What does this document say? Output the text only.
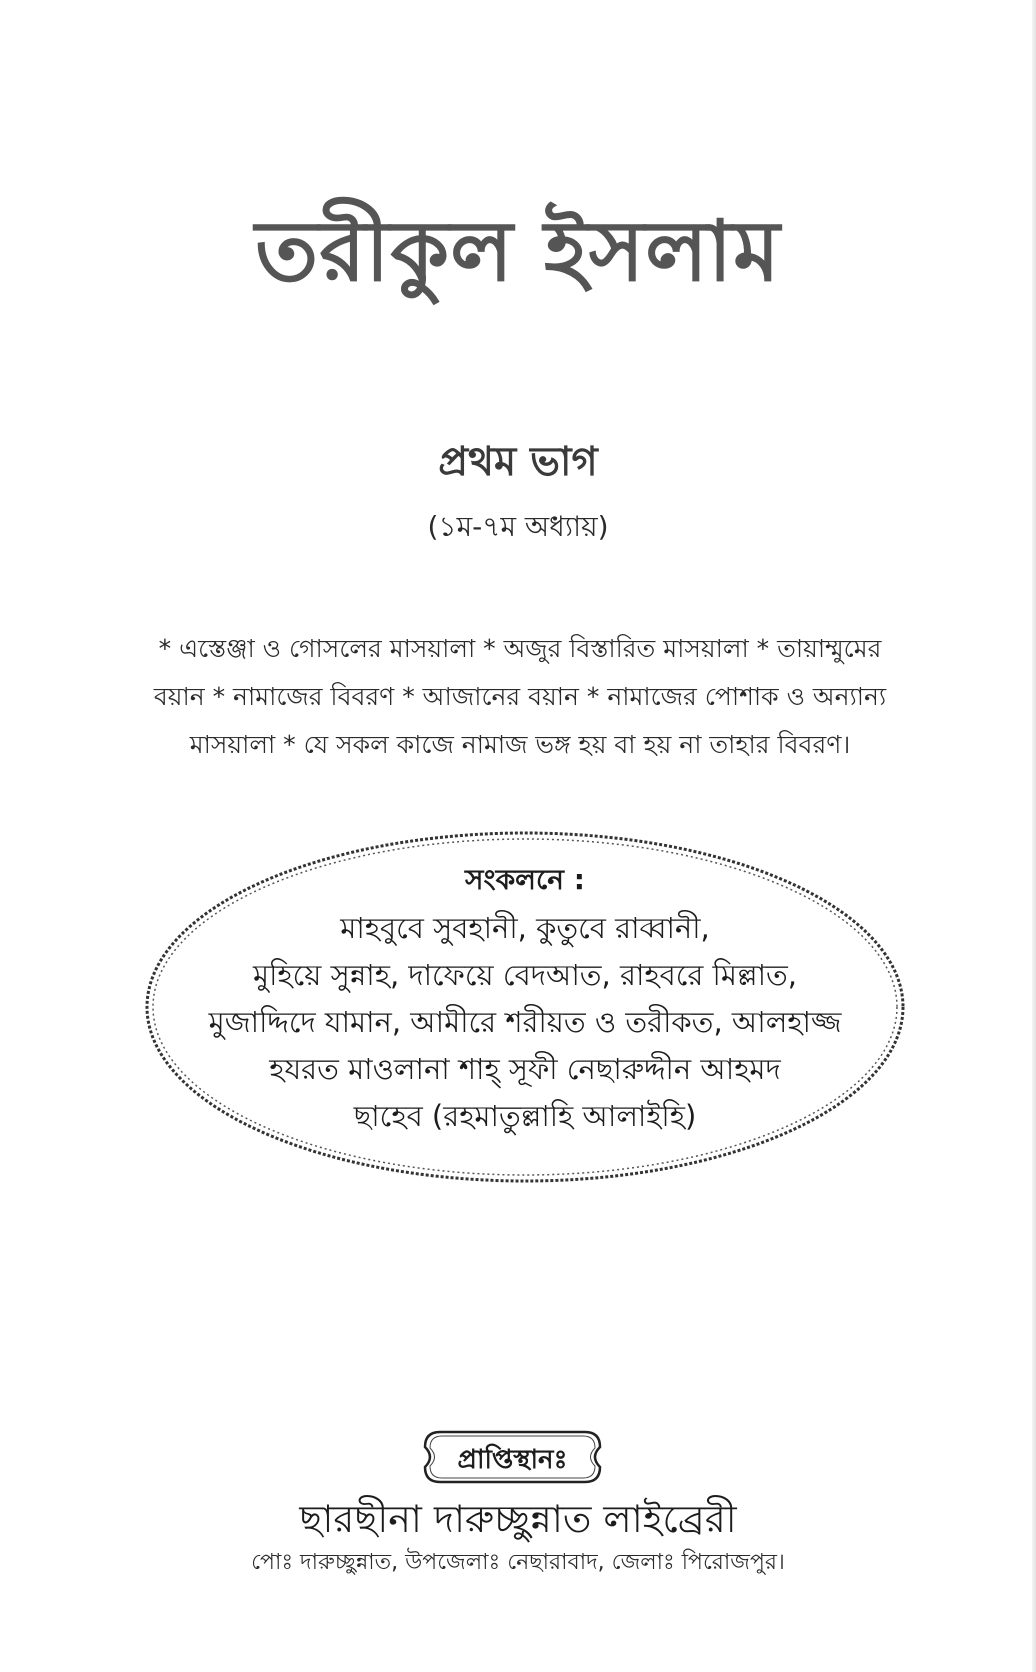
তরীকুল ইসলাম
প্রথম ভাগ
(১ম-৭ম অধ্যায়)
* এস্তেঞ্জা ও গোসলের মাসয়ালা * অজুর বিস্তারিত মাসয়ালা * তায়াম্মুমের
বয়ান * নামাজের বিবরণ * আজানের বয়ান * নামাজের পোশাক ও অন্যান্য
মাসয়ালা * যে সকল কাজে নামাজ ভঙ্গ হয় বা হয় না তাহার বিবরণ।
সংকলনে :
মাহবুবে সুবহানী, কুতুবে রাব্বানী,
মুহিয়ে সুন্নাহ, দাফেয়ে বেদআত, রাহবরে মিল্লাত,
মুজাদ্দিদে যামান, আমীরে শরীয়ত ও তরীকত, আলহাজ্জ
হযরত মাওলানা শাহ্‌ সূফী নেছারুদ্দীন আহমদ
ছাহেব (রহমাতুল্লাহি আলাইহি)
প্রাপ্তিস্থানঃ
ছারছীনা দারুচ্ছুন্নাত লাইব্রেরী
পোঃ দারুচ্ছুন্নাত, উপজেলাঃ নেছারাবাদ, জেলাঃ পিরোজপুর।
